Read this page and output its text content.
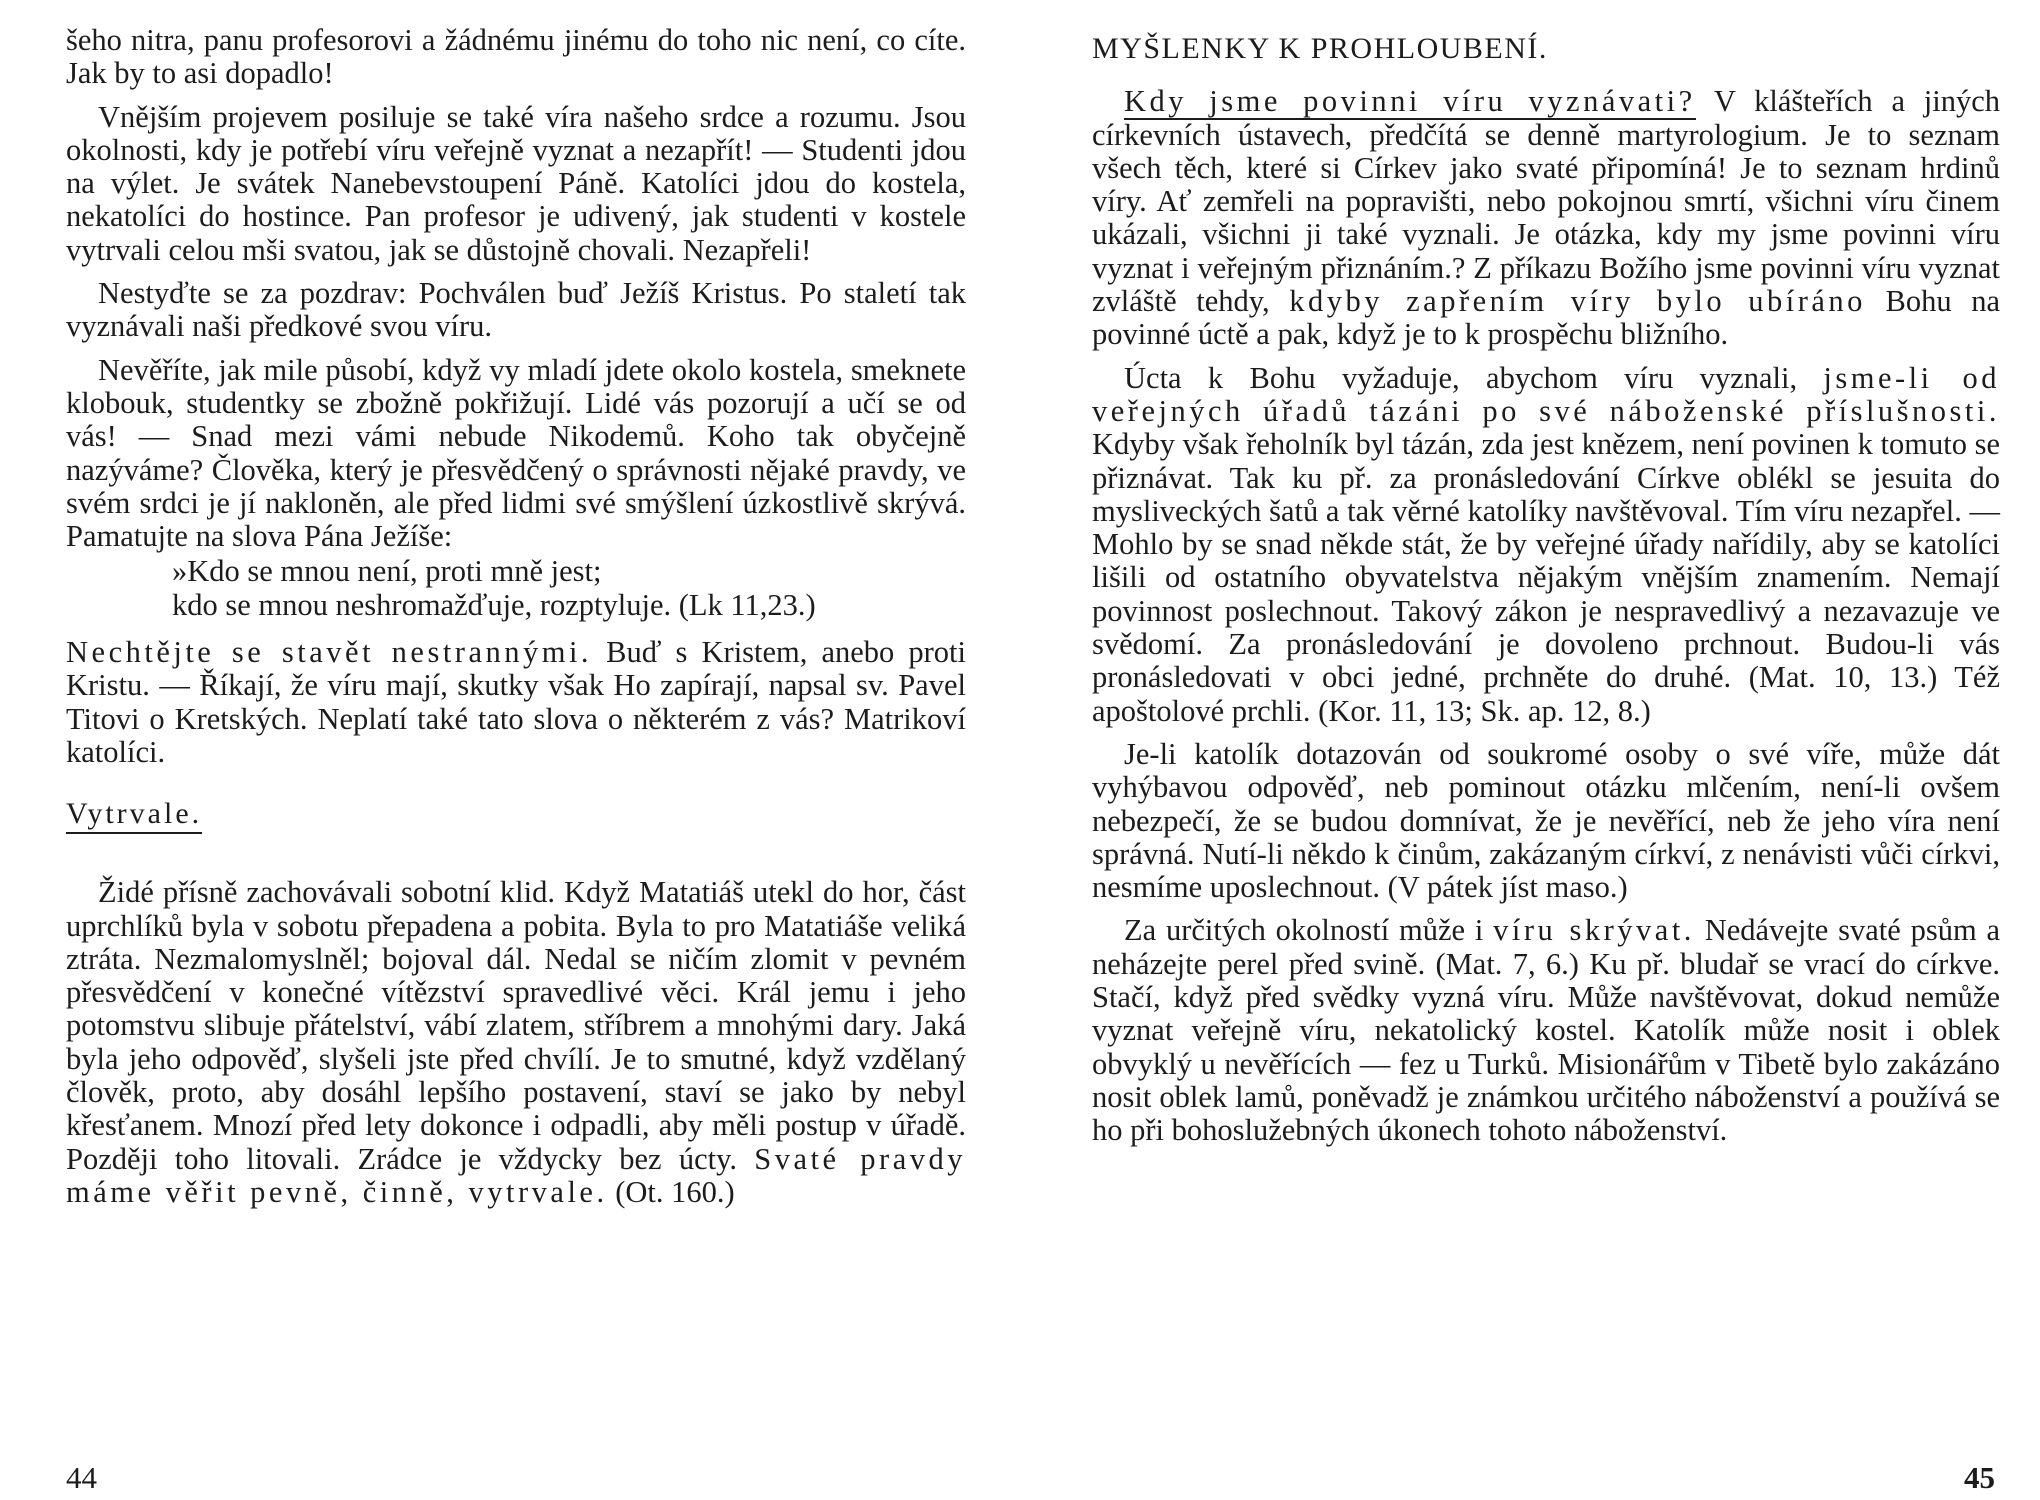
šeho nitra, panu profesorovi a žádnému jinému do toho nic není, co cíte. Jak by to asi dopadlo!

Vnějším projevem posiluje se také víra našeho srdce a rozumu. Jsou okolnosti, kdy je potřebí víru veřejně vyznat a nezapřít! — Studenti jdou na výlet. Je svátek Nanebevstoupení Páně. Katolíci jdou do kostela, nekatolíci do hostince. Pan profesor je udivený, jak studenti v kostele vytrvali celou mši svatou, jak se důstojně chovali. Nezapřeli!

Nestyďte se za pozdrav: Pochválen buď Ježíš Kristus. Po staletí tak vyznávali naši předkové svou víru.

Nevěříte, jak mile působí, když vy mladí jdete okolo kostela, smeknete klobouk, studentky se zbožně pokřižují. Lidé vás pozorují a učí se od vás! — Snad mezi vámi nebude Nikodemů. Koho tak obyčejně nazýváme? Člověka, který je přesvědčený o správnosti nějaké pravdy, ve svém srdci je jí nakloněn, ale před lidmi své smýšlení úzkostlivě skrývá. Pamatujte na slova Pána Ježíše:

»Kdo se mnou není, proti mně jest;
kdo se mnou neshromažďuje, rozptyluje. (Lk 11,23.)

Nechtějte se stavět nestrannými. Buď s Kristem, anebo proti Kristu. — Říkají, že víru mají, skutky však Ho zapírají, napsal sv. Pavel Titovi o Kretských. Neplatí také tato slova o některém z vás? Matrikoví katolíci.

Vytrvale.

Židé přísně zachovávali sobotní klid. Když Matatiáš utekl do hor, část uprchlíků byla v sobotu přepadena a pobita. Byla to pro Matatiáše veliká ztráta. Nezmalomyslněl; bojoval dál. Nedal se ničím zlomit v pevném přesvědčení v konečné vítězství spravedlivé věci. Král jemu i jeho potomstvu slibuje přátelství, vábí zlatem, stříbrem a mnohými dary. Jaká byla jeho odpověď, slyšeli jste před chvílí. Je to smutné, když vzdělaný člověk, proto, aby dosáhl lepšího postavení, staví se jako by nebyl křesťanem. Mnozí před lety dokonce i odpadli, aby měli postup v úřadě. Později toho litovali. Zrádce je vždycky bez úcty. Svaté pravdy máme věřit pevně, činně, vytrvale. (Ot. 160.)

44
MYŠLENKY K PROHLOUBENÍ.

Kdy jsme povinni víru vyznávati? V klášteřích a jiných církevních ústavech, předčítá se denně martyrologium. Je to seznam všech těch, které si Církev jako svaté připomíná! Je to seznam hrdinů víry. Ať zemřeli na popravišti, nebo pokojnou smrtí, všichni víru činem ukázali, všichni ji také vyznali. Je otázka, kdy my jsme povinni víru vyznat i veřejným přiznáním.? Z příkazu Božího jsme povinni víru vyznat zvláště tehdy, kdyby zapřením víry bylo ubíráno Bohu na povinné úctě a pak, když je to k prospěchu bližního.

Úcta k Bohu vyžaduje, abychom víru vyznali, jsme-li od veřejných úřadů tázáni po své náboženské příslušnosti. Kdyby však řeholník byl tázán, zda jest knězem, není povinen k tomuto se přiznávat. Tak ku př. za pronásledování Církve oblékl se jesuita do mysliveckých šatů a tak věrné katolíky navštěvoval. Tím víru nezapřel. — Mohlo by se snad někde stát, že by veřejné úřady nařídily, aby se katolíci lišili od ostatního obyvatelstva nějakým vnějším znamením. Nemají povinnost poslechnout. Takový zákon je nespravedlivý a nezavazuje ve svědomí. Za pronásledování je dovoleno prchnout. Budou-li vás pronásledovati v obci jedné, prchněte do druhé. (Mat. 10, 13.) Též apoštolové prchli. (Kor. 11, 13; Sk. ap. 12, 8.)

Je-li katolík dotazován od soukromé osoby o své víře, může dát vyhýbavou odpověď, neb pominout otázku mlčením, není-li ovšem nebezpečí, že se budou domnívat, že je nevěřící, neb že jeho víra není správná. Nutí-li někdo k činům, zakázaným církví, z nenávisti vůči církvi, nesmíme uposlechnout. (V pátek jíst maso.)

Za určitých okolností může i víru skrývat. Nedávejte svaté psům a neházejte perel před svině. (Mat. 7, 6.) Ku př. bludař se vrací do církve. Stačí, když před svědky vyzná víru. Může navštěvovat, dokud nemůže vyznat veřejně víru, nekatolický kostel. Katolík může nosit i oblek obvyklý u nevěřících — fez u Turků. Misionářům v Tibetě bylo zakázáno nosit oblek lamů, poněvadž je známkou určitého náboženství a používá se ho při bohoslužebných úkonech tohoto náboženství.

45
